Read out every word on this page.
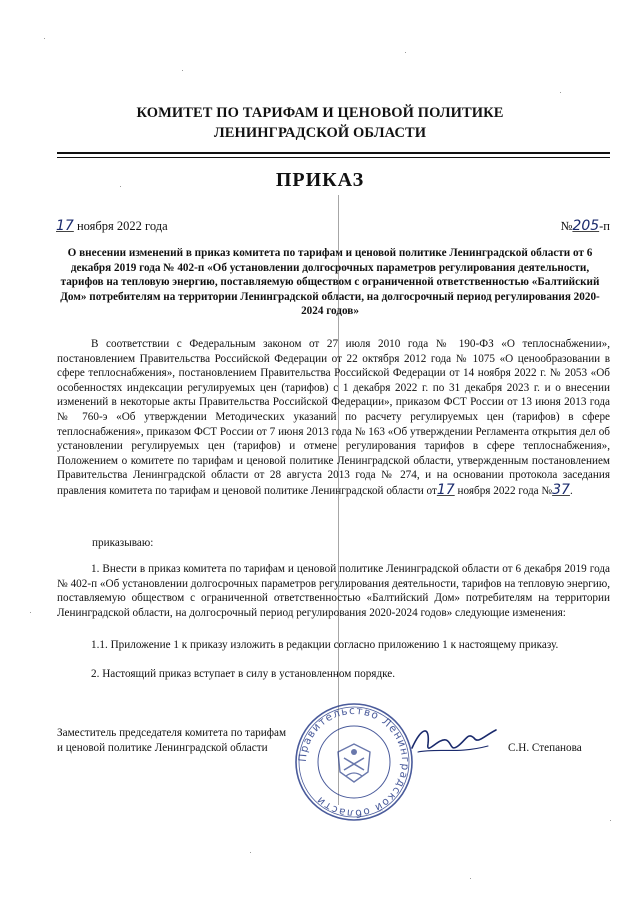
КОМИТЕТ ПО ТАРИФАМ И ЦЕНОВОЙ ПОЛИТИКЕ
ЛЕНИНГРАДСКОЙ ОБЛАСТИ
ПРИКАЗ
17 ноября 2022 года	№205-п
О внесении изменений в приказ комитета по тарифам и ценовой политике Ленинградской области от 6 декабря 2019 года № 402-п «Об установлении долгосрочных параметров регулирования деятельности, тарифов на тепловую энергию, поставляемую обществом с ограниченной ответственностью «Балтийский Дом» потребителям на территории Ленинградской области, на долгосрочный период регулирования 2020-2024 годов»
В соответствии с Федеральным законом от 27 июля 2010 года № 190-ФЗ «О теплоснабжении», постановлением Правительства Российской Федерации от 22 октября 2012 года № 1075 «О ценообразовании в сфере теплоснабжения», постановлением Правительства Российской Федерации от 14 ноября 2022 г. № 2053 «Об особенностях индексации регулируемых цен (тарифов) с 1 декабря 2022 г. по 31 декабря 2023 г. и о внесении изменений в некоторые акты Правительства Российской Федерации», приказом ФСТ России от 13 июня 2013 года № 760-э «Об утверждении Методических указаний по расчету регулируемых цен (тарифов) в сфере теплоснабжения», приказом ФСТ России от 7 июня 2013 года № 163 «Об утверждении Регламента открытия дел об установлении регулируемых цен (тарифов) и отмене регулирования тарифов в сфере теплоснабжения», Положением о комитете по тарифам и ценовой политике Ленинградской области, утвержденным постановлением Правительства Ленинградской области от 28 августа 2013 года № 274, и на основании протокола заседания правления комитета по тарифам и ценовой политике Ленинградской области от17 ноября 2022 года №37.
приказываю:
1. Внести в приказ комитета по тарифам и ценовой политике Ленинградской области от 6 декабря 2019 года № 402-п «Об установлении долгосрочных параметров регулирования деятельности, тарифов на тепловую энергию, поставляемую обществом с ограниченной ответственностью «Балтийский Дом» потребителям на территории Ленинградской области, на долгосрочный период регулирования 2020-2024 годов» следующие изменения:
1.1. Приложение 1 к приказу изложить в редакции согласно приложению 1 к настоящему приказу.
2. Настоящий приказ вступает в силу в установленном порядке.
Заместитель председателя комитета по тарифам
и ценовой политике Ленинградской области
Правительство Ленинградской области
С.Н. Степанова
